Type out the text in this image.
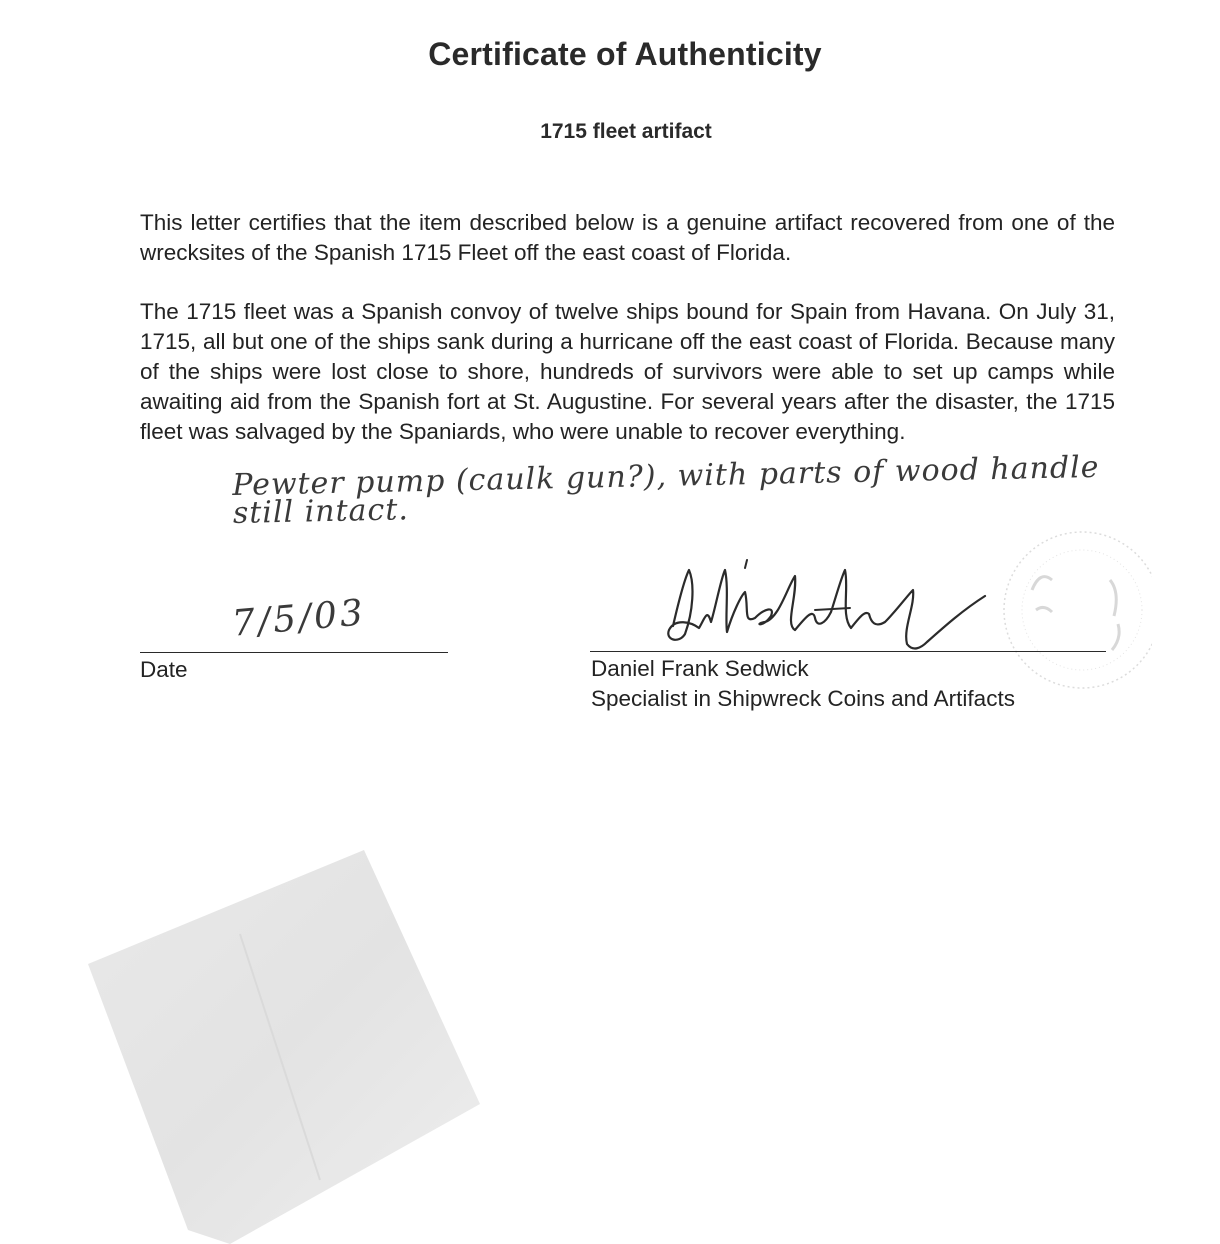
Certificate of Authenticity
1715 fleet artifact

This letter certifies that the item described below is a genuine artifact recovered from one of the wrecksites of the Spanish 1715 Fleet off the east coast of Florida.

The 1715 fleet was a Spanish convoy of twelve ships bound for Spain from Havana. On July 31, 1715, all but one of the ships sank during a hurricane off the east coast of Florida. Because many of the ships were lost close to shore, hundreds of survivors were able to set up camps while awaiting aid from the Spanish fort at St. Augustine. For several years after the disaster, the 1715 fleet was salvaged by the Spaniards, who were unable to recover everything.

Pewter pump (caulk gun?), with parts of wood handle still intact.
7/5/03
Date	Daniel Frank Sedwick
Specialist in Shipwreck Coins and Artifacts
